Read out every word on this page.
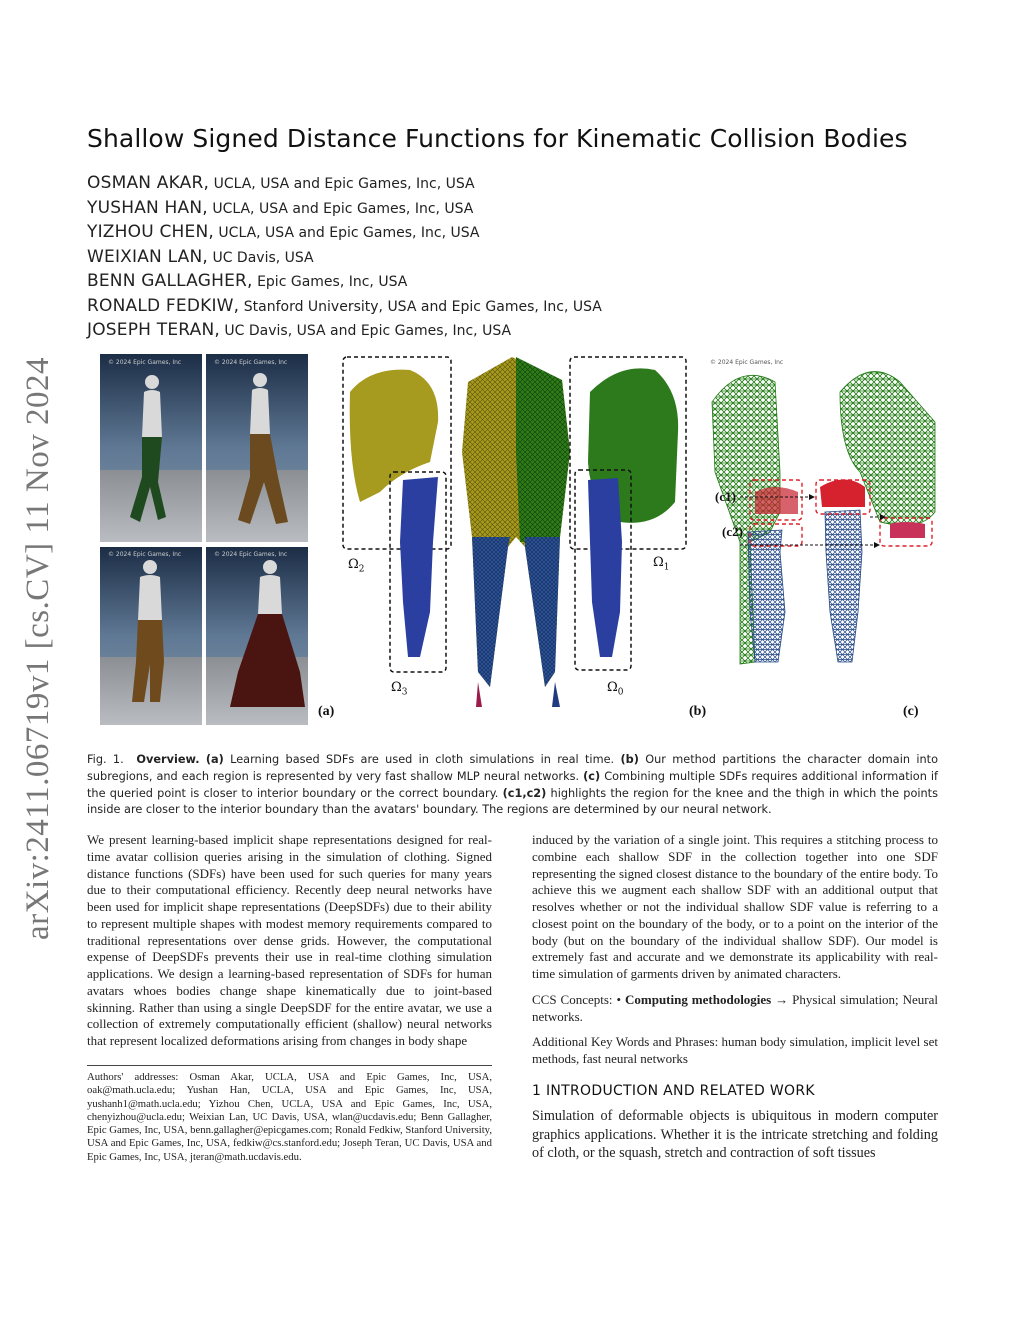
arXiv:2411.06719v1 [cs.CV] 11 Nov 2024
Shallow Signed Distance Functions for Kinematic Collision Bodies
OSMAN AKAR, UCLA, USA and Epic Games, Inc, USA
YUSHAN HAN, UCLA, USA and Epic Games, Inc, USA
YIZHOU CHEN, UCLA, USA and Epic Games, Inc, USA
WEIXIAN LAN, UC Davis, USA
BENN GALLAGHER, Epic Games, Inc, USA
RONALD FEDKIW, Stanford University, USA and Epic Games, Inc, USA
JOSEPH TERAN, UC Davis, USA and Epic Games, Inc, USA
© 2024 Epic Games, Inc	© 2024 Epic Games, Inc
© 2024 Epic Games, Inc	© 2024 Epic Games, Inc
© 2024 Epic Games, Inc
(a)	(b)	(c)
(c1)
(c2)
$\Omega_2$	$\Omega_1$
$\Omega_3$	$\Omega_0$
Fig. 1. Overview. (a) Learning based SDFs are used in cloth simulations in real time. (b) Our method partitions the character domain into subregions, and each region is represented by very fast shallow MLP neural networks. (c) Combining multiple SDFs requires additional information if the queried point is closer to interior boundary or the correct boundary. (c1,c2) highlights the region for the knee and the thigh in which the points inside are closer to the interior boundary than the avatars' boundary. The regions are determined by our neural network.

We present learning-based implicit shape representations designed for real-time avatar collision queries arising in the simulation of clothing. Signed distance functions (SDFs) have been used for such queries for many years due to their computational efficiency. Recently deep neural networks have been used for implicit shape representations (DeepSDFs) due to their ability to represent multiple shapes with modest memory requirements compared to traditional representations over dense grids. However, the computational expense of DeepSDFs prevents their use in real-time clothing simulation applications. We design a learning-based representation of SDFs for human avatars whoes bodies change shape kinematically due to joint-based skinning. Rather than using a single DeepSDF for the entire avatar, we use a collection of extremely computationally efficient (shallow) neural networks that represent localized deformations arising from changes in body shape

induced by the variation of a single joint. This requires a stitching process to combine each shallow SDF in the collection together into one SDF representing the signed closest distance to the boundary of the entire body. To achieve this we augment each shallow SDF with an additional output that resolves whether or not the individual shallow SDF value is referring to a closest point on the boundary of the body, or to a point on the interior of the body (but on the boundary of the individual shallow SDF). Our model is extremely fast and accurate and we demonstrate its applicability with real-time simulation of garments driven by animated characters.

CCS Concepts: • Computing methodologies → Physical simulation; Neural networks.

Additional Key Words and Phrases: human body simulation, implicit level set methods, fast neural networks

Authors' addresses: Osman Akar, UCLA, USA and Epic Games, Inc, USA, oak@math.ucla.edu; Yushan Han, UCLA, USA and Epic Games, Inc, USA, yushanh1@math.ucla.edu; Yizhou Chen, UCLA, USA and Epic Games, Inc, USA, chenyizhou@ucla.edu; Weixian Lan, UC Davis, USA, wlan@ucdavis.edu; Benn Gallagher, Epic Games, Inc, USA, benn.gallagher@epicgames.com; Ronald Fedkiw, Stanford University, USA and Epic Games, Inc, USA, fedkiw@cs.stanford.edu; Joseph Teran, UC Davis, USA and Epic Games, Inc, USA, jteran@math.ucdavis.edu.
1 INTRODUCTION AND RELATED WORK
Simulation of deformable objects is ubiquitous in modern computer graphics applications. Whether it is the intricate stretching and folding of cloth, or the squash, stretch and contraction of soft tissues
